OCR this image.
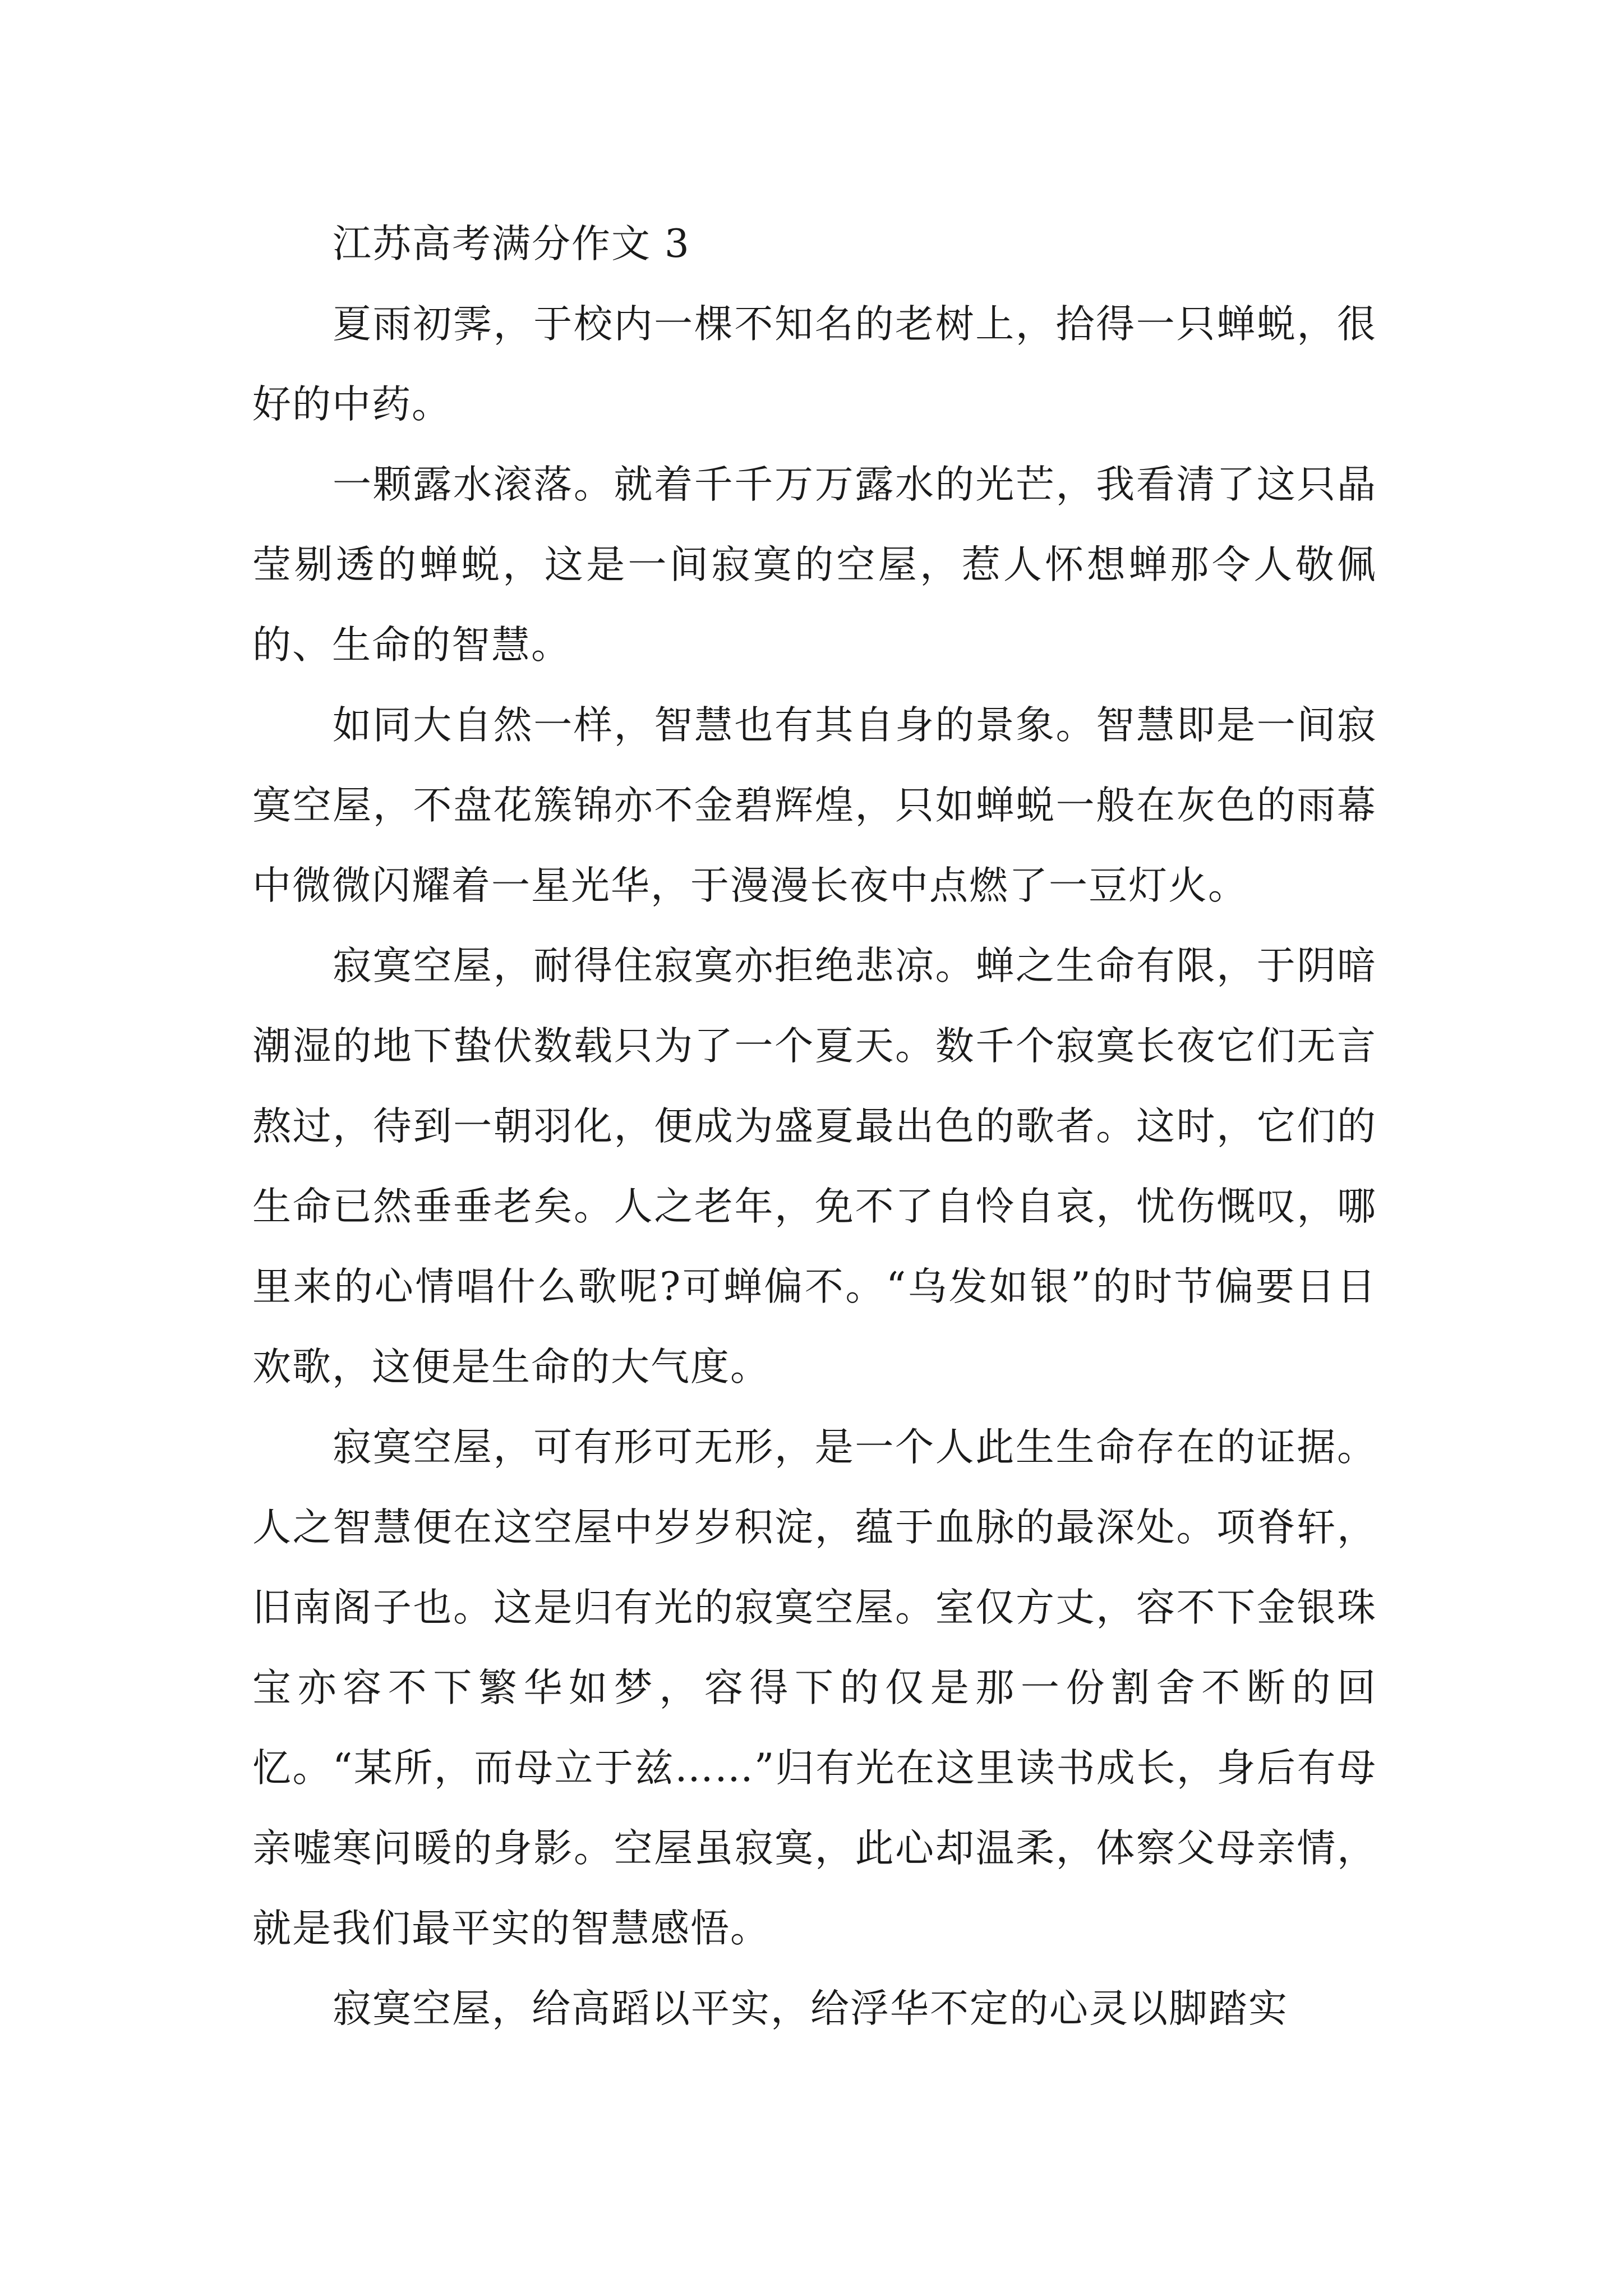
江苏高考满分作文 3

夏雨初霁，于校内一棵不知名的老树上，拾得一只蝉蜕，很好的中药。

一颗露水滚落。就着千千万万露水的光芒，我看清了这只晶莹剔透的蝉蜕，这是一间寂寞的空屋，惹人怀想蝉那令人敬佩的、生命的智慧。

如同大自然一样，智慧也有其自身的景象。智慧即是一间寂寞空屋，不盘花簇锦亦不金碧辉煌，只如蝉蜕一般在灰色的雨幕中微微闪耀着一星光华，于漫漫长夜中点燃了一豆灯火。

寂寞空屋，耐得住寂寞亦拒绝悲凉。蝉之生命有限，于阴暗潮湿的地下蛰伏数载只为了一个夏天。数千个寂寞长夜它们无言熬过，待到一朝羽化，便成为盛夏最出色的歌者。这时，它们的生命已然垂垂老矣。人之老年，免不了自怜自哀，忧伤慨叹，哪里来的心情唱什么歌呢?可蝉偏不。“乌发如银”的时节偏要日日欢歌，这便是生命的大气度。

寂寞空屋，可有形可无形，是一个人此生生命存在的证据。人之智慧便在这空屋中岁岁积淀，蕴于血脉的最深处。项脊轩，旧南阁子也。这是归有光的寂寞空屋。室仅方丈，容不下金银珠宝亦容不下繁华如梦，容得下的仅是那一份割舍不断的回忆。“某所，而母立于兹……”归有光在这里读书成长，身后有母亲嘘寒问暖的身影。空屋虽寂寞，此心却温柔，体察父母亲情，就是我们最平实的智慧感悟。

寂寞空屋，给高蹈以平实，给浮华不定的心灵以脚踏实
